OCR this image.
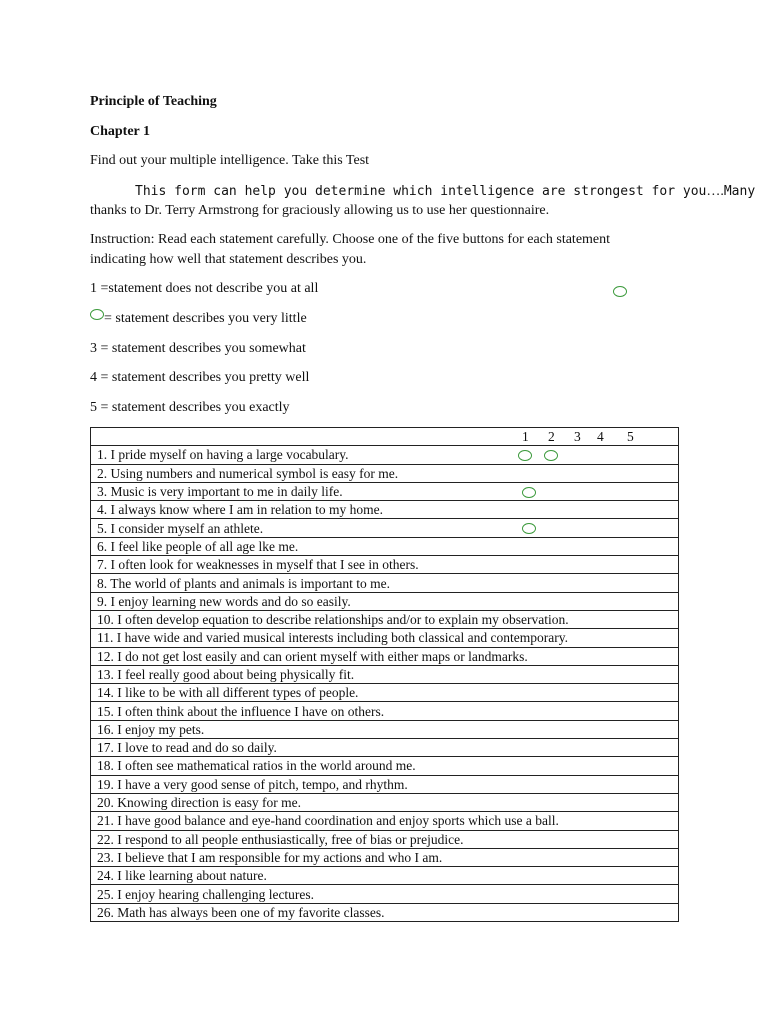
Principle of Teaching
Chapter 1
Find out your multiple intelligence. Take this Test
This form can help you determine which intelligence are strongest for you….Many
thanks to Dr. Terry Armstrong for graciously allowing us to use her questionnaire.
Instruction: Read each statement carefully. Choose one of the five buttons for each statement
indicating how well that statement describes you.
1 =statement does not describe you at all
= statement describes you very little
3 = statement describes you somewhat
4 = statement describes you pretty well
5 = statement describes you exactly
1 2 3 4 5

1. I pride myself on having a large vocabulary.
2. Using numbers and numerical symbol is easy for me.
3. Music is very important to me in daily life.
4. I always know where I am in relation to my home.
5. I consider myself an athlete.
6. I feel like people of all age lke me.
7. I often look for weaknesses in myself that I see in others.
8. The world of plants and animals is important to me.
9. I enjoy learning new words and do so easily.
10. I often develop equation to describe relationships and/or to explain my observation.
11. I have wide and varied musical interests including both classical and contemporary.
12. I do not get lost easily and can orient myself with either maps or landmarks.
13. I feel really good about being physically fit.
14. I like to be with all different types of people.
15. I often think about the influence I have on others.
16. I enjoy my pets.
17. I love to read and do so daily.
18. I often see mathematical ratios in the world around me.
19. I have a very good sense of pitch, tempo, and rhythm.
20. Knowing direction is easy for me.
21. I have good balance and eye-hand coordination and enjoy sports which use a ball.
22. I respond to all people enthusiastically, free of bias or prejudice.
23. I believe that I am responsible for my actions and who I am.
24. I like learning about nature.
25. I enjoy hearing challenging lectures.
26. Math has always been one of my favorite classes.
